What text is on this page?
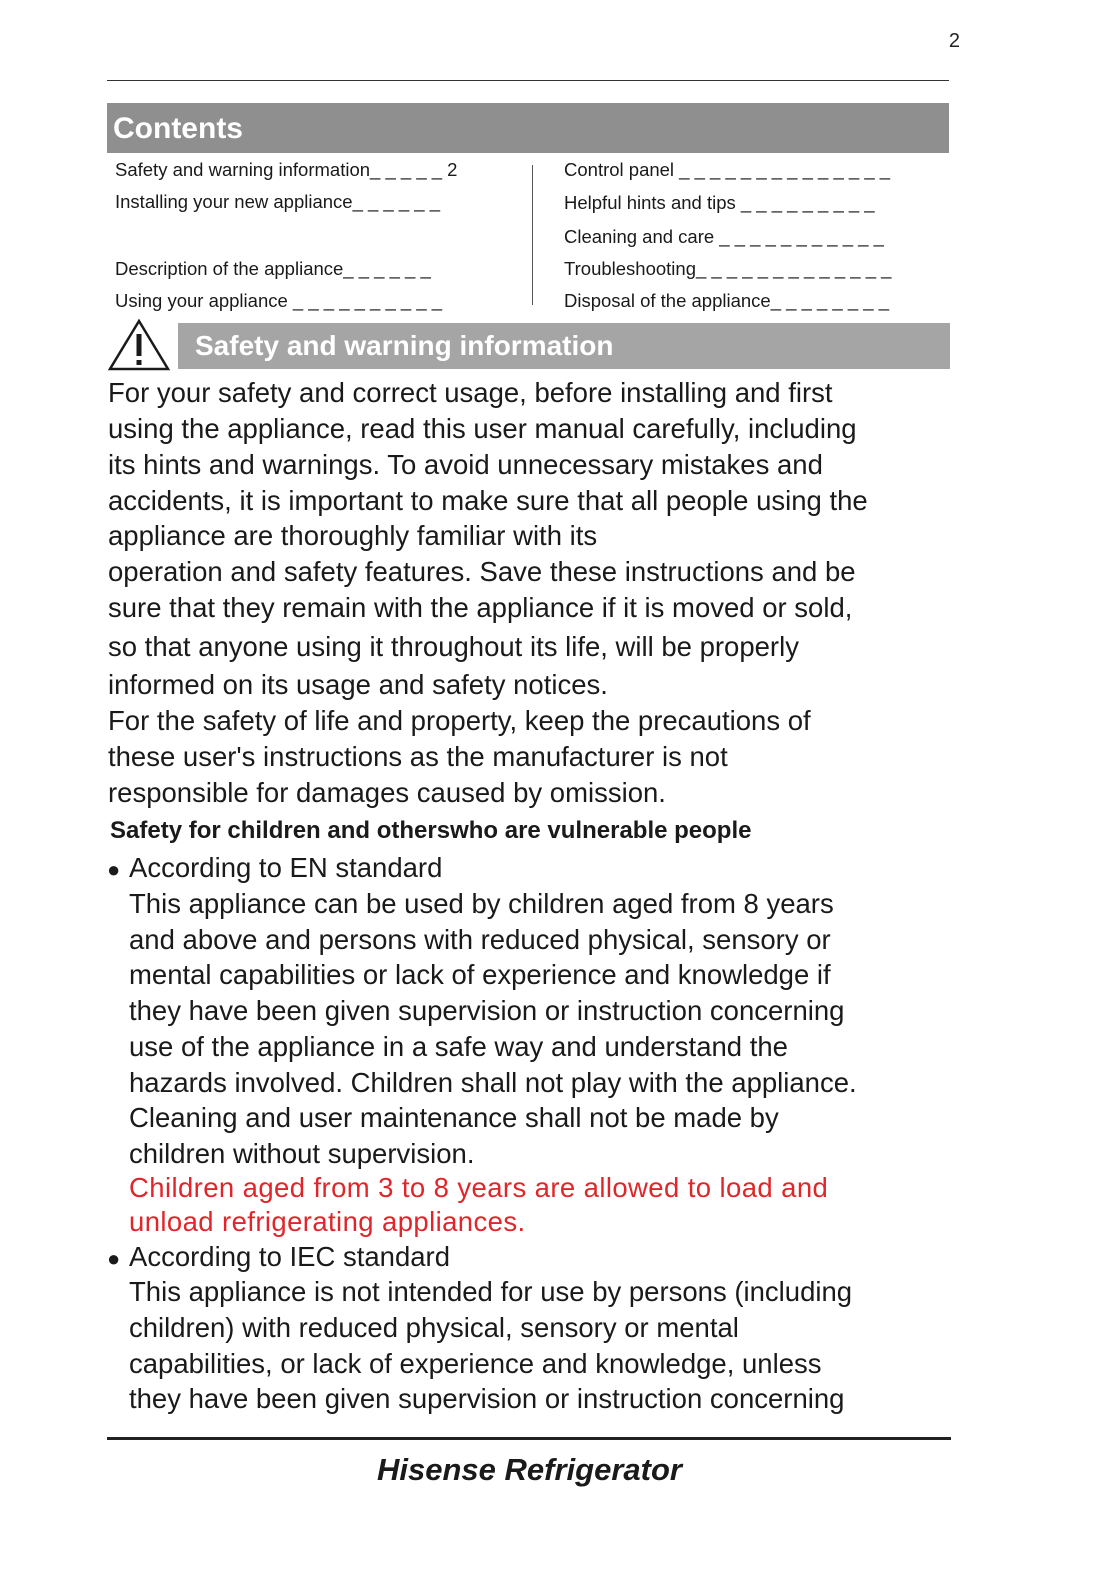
2
Contents
Safety and warning information_ _ _ _ _ 2
Installing your new appliance_ _ _ _ _ _
Description of the appliance_ _ _ _ _ _
Using your appliance _ _ _ _ _ _ _ _ _ _
Control panel _ _ _ _ _ _ _ _ _ _ _ _ _ _
Helpful hints and tips _ _ _ _ _ _ _ _ _
Cleaning and care _ _ _ _ _ _ _ _ _ _ _
Troubleshooting_ _ _ _ _ _ _ _ _ _ _ _ _
Disposal of the appliance_ _ _ _ _ _ _ _
Safety and warning information
For your safety and correct usage, before installing and first
using the appliance, read this user manual carefully, including
its hints and warnings. To avoid unnecessary mistakes and
accidents, it is important to make sure that all people using the
appliance are thoroughly familiar with its
operation and safety features. Save these instructions and be
sure that they remain with the appliance if it is moved or sold,
so that anyone using it throughout its life, will be properly
informed on its usage and safety notices.
For the safety of life and property, keep the precautions of
these user's instructions as the manufacturer is not
responsible for damages caused by omission.
Safety for children and otherswho are vulnerable people
● According to EN standard
This appliance can be used by children aged from 8 years
and above and persons with reduced physical, sensory or
mental capabilities or lack of experience and knowledge if
they have been given supervision or instruction concerning
use of the appliance in a safe way and understand the
hazards involved. Children shall not play with the appliance.
Cleaning and user maintenance shall not be made by
children without supervision.
Children aged from 3 to 8 years are allowed to load and
unload refrigerating appliances.
● According to IEC standard
This appliance is not intended for use by persons (including
children) with reduced physical, sensory or mental
capabilities, or lack of experience and knowledge, unless
they have been given supervision or instruction concerning
Hisense Refrigerator
